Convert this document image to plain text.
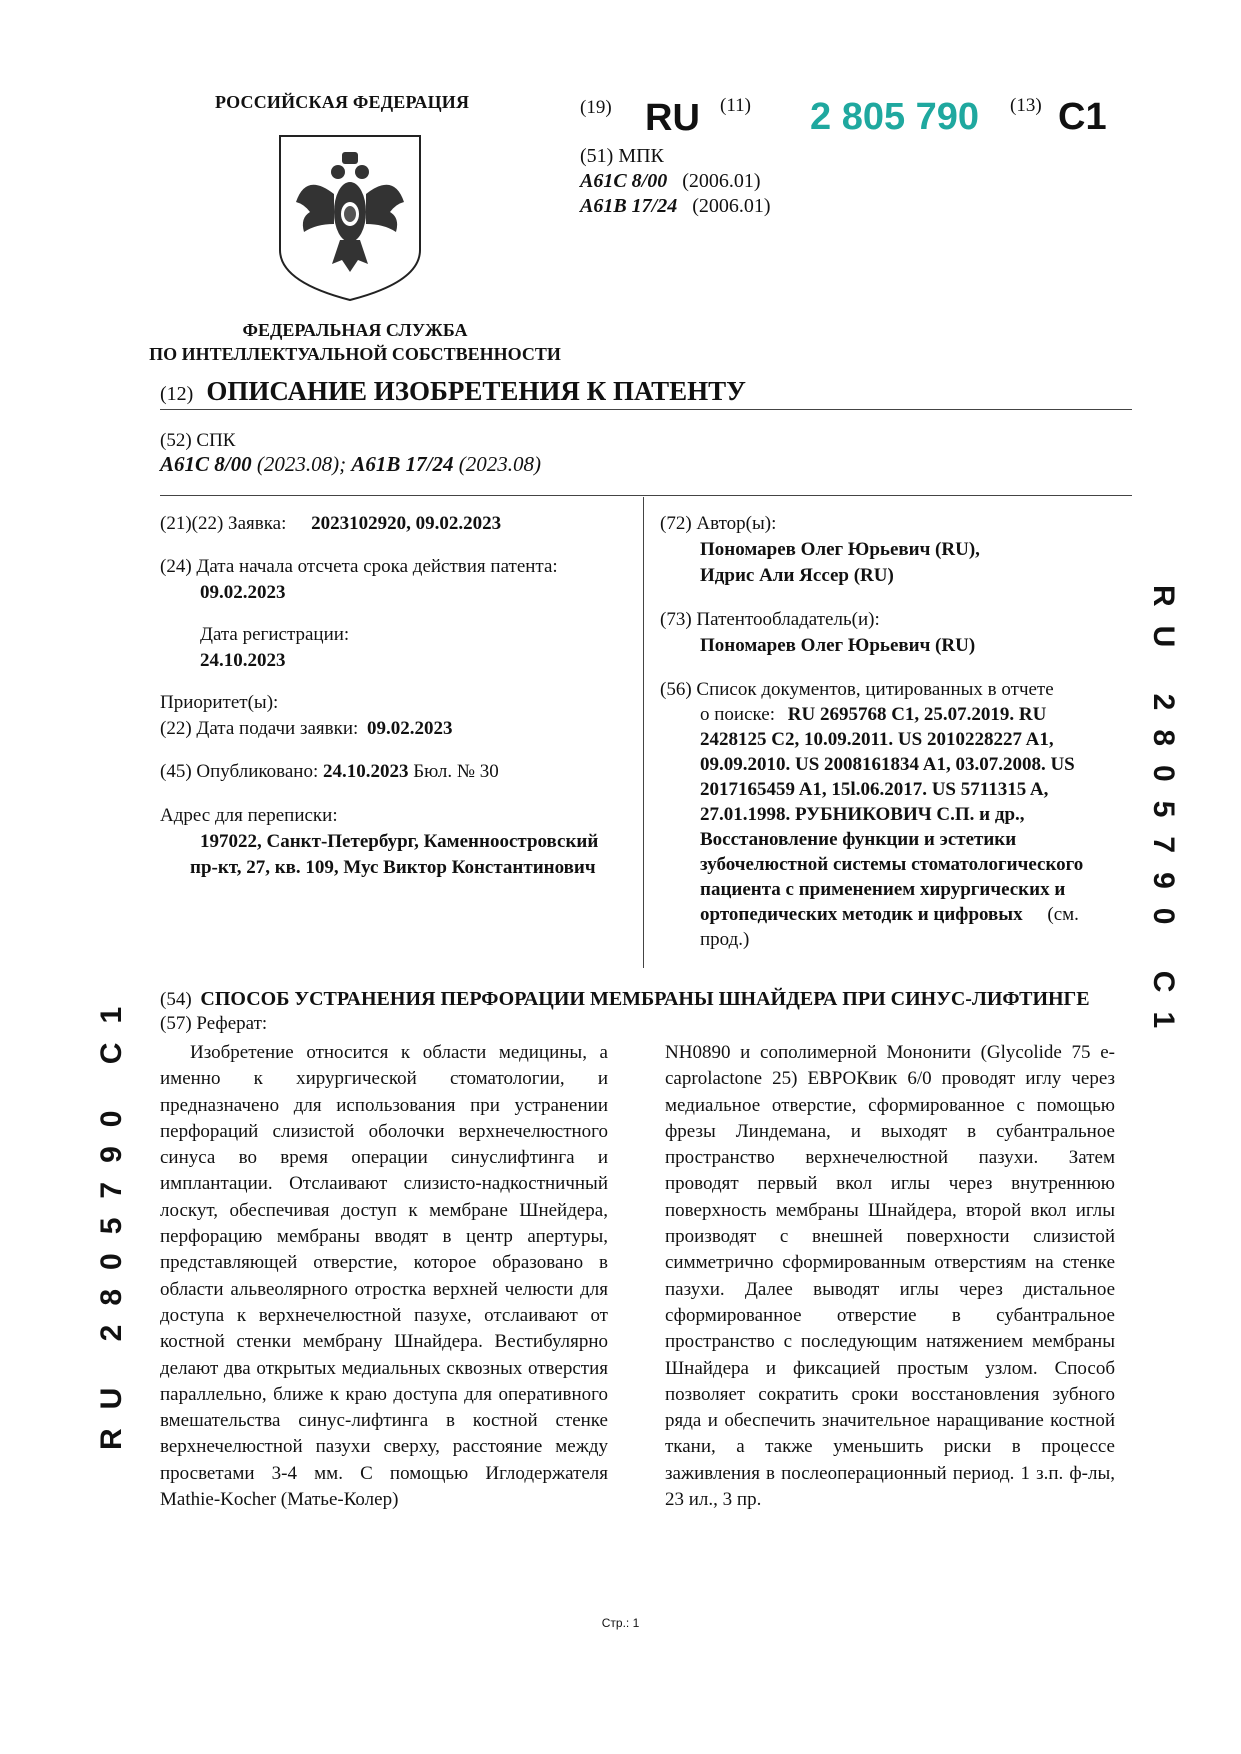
РОССИЙСКАЯ ФЕДЕРАЦИЯ
ФЕДЕРАЛЬНАЯ СЛУЖБА
ПО ИНТЕЛЛЕКТУАЛЬНОЙ СОБСТВЕННОСТИ
(19) RU (11) 2 805 790 (13) C1
(51) МПК
A61C 8/00 (2006.01)
A61B 17/24 (2006.01)
(12) ОПИСАНИЕ ИЗОБРЕТЕНИЯ К ПАТЕНТУ
(52) СПК
A61C 8/00 (2023.08); A61B 17/24 (2023.08)
(21)(22) Заявка: 2023102920, 09.02.2023
(24) Дата начала отсчета срока действия патента:
09.02.2023
Дата регистрации:
24.10.2023
Приоритет(ы):
(22) Дата подачи заявки: 09.02.2023
(45) Опубликовано: 24.10.2023 Бюл. № 30
Адрес для переписки:
197022, Санкт-Петербург, Каменноостровский
пр-кт, 27, кв. 109, Мус Виктор Константинович
(72) Автор(ы):
Пономарев Олег Юрьевич (RU),
Идрис Али Яссер (RU)
(73) Патентообладатель(и):
Пономарев Олег Юрьевич (RU)
(56) Список документов, цитированных в отчете
о поиске: RU 2695768 C1, 25.07.2019. RU
2428125 C2, 10.09.2011. US 2010228227 A1,
09.09.2010. US 2008161834 A1, 03.07.2008. US
2017165459 A1, 15l.06.2017. US 5711315 A,
27.01.1998. РУБНИКОВИЧ С.П. и др.,
Восстановление функции и эстетики
зубочелюстной системы стоматологического
пациента с применением хирургических и
ортопедических методик и цифровых (см.
прод.)	RU 2805790 C1
RU 2805790 C1 (54) СПОСОБ УСТРАНЕНИЯ ПЕРФОРАЦИИ МЕМБРАНЫ ШНАЙДЕРА ПРИ СИНУС-ЛИФТИНГЕ
(57) Реферат:

Изобретение относится к области медицины, а именно к хирургической стоматологии, и предназначено для использования при устранении перфораций слизистой оболочки верхнечелюстного синуса во время операции синуслифтинга и имплантации. Отслаивают слизисто-надкостничный лоскут, обеспечивая доступ к мембране Шнейдера, перфорацию мембраны вводят в центр апертуры, представляющей отверстие, которое образовано в области альвеолярного отростка верхней челюсти для доступа к верхнечелюстной пазухе, отслаивают от костной стенки мембрану Шнайдера. Вестибулярно делают два открытых медиальных сквозных отверстия параллельно, ближе к краю доступа для оперативного вмешательства синус-лифтинга в костной стенке верхнечелюстной пазухи сверху, расстояние между просветами 3-4 мм. С помощью Иглодержателя Mathie-Kocher (Матье-Колер)

NH0890 и сополимерной Мононити (Glycolide 75 e-caprolactone 25) ЕВРОКвик 6/0 проводят иглу через медиальное отверстие, сформированное с помощью фрезы Линдемана, и выходят в субантральное пространство верхнечелюстной пазухи. Затем проводят первый вкол иглы через внутреннюю поверхность мембраны Шнайдера, второй вкол иглы производят с внешней поверхности слизистой симметрично сформированным отверстиям на стенке пазухи. Далее выводят иглы через дистальное сформированное отверстие в субантральное пространство с последующим натяжением мембраны Шнайдера и фиксацией простым узлом. Способ позволяет сократить сроки восстановления зубного ряда и обеспечить значительное наращивание костной ткани, а также уменьшить риски в процессе заживления в послеоперационный период. 1 з.п. ф-лы, 23 ил., 3 пр.

Стр.: 1
